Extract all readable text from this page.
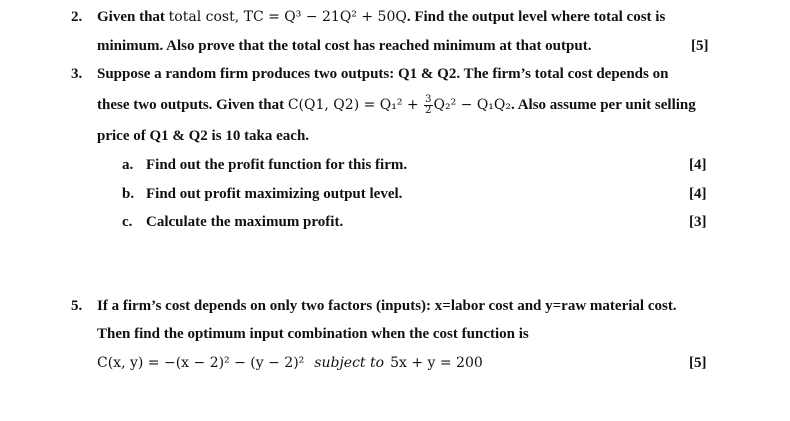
2. Given that total cost, TC = Q³ − 21Q² + 50Q. Find the output level where total cost is
minimum. Also prove that the total cost has reached minimum at that output.	[5]
3. Suppose a random firm produces two outputs: Q1 & Q2. The firm’s total cost depends on
these two outputs. Given that C(Q1, $Q2) = Q_1^2 + \frac{3}{2} Q_2^2 - Q_1Q_2$. Also assume per unit selling
price of Q1 & Q2 is 10 taka each.
a. Find out the profit function for this firm.	[4]
b. Find out profit maximizing output level.	[4]
c. Calculate the maximum profit.	[3]
5. If a firm’s cost depends on only two factors (inputs): x=labor cost and y=raw material cost.
Then find the optimum input combination when the cost function is
C(x, y) = −(x − 2)² − (y − 2)² subject to 5x + y = 200	[5]
